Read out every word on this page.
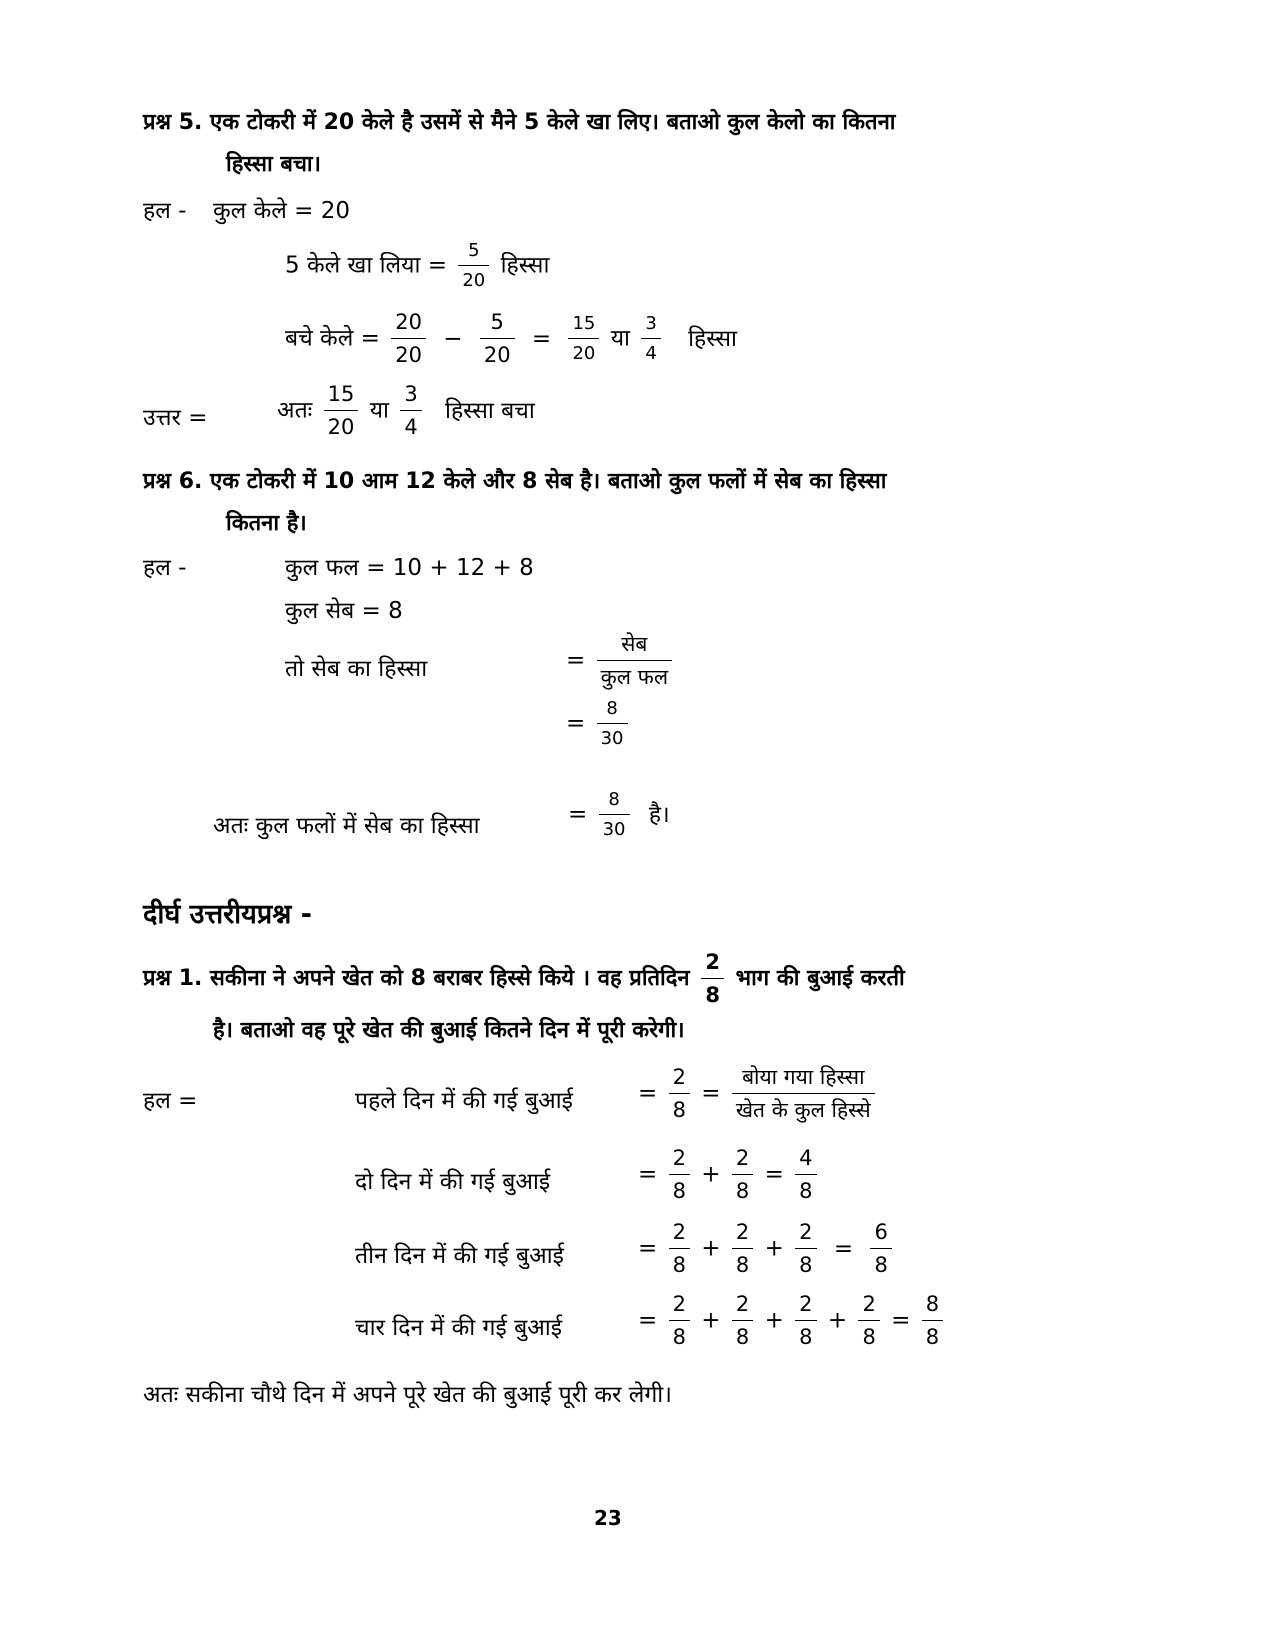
प्रश्न 5. एक टोकरी में 20 केले है उसमें से मैने 5 केले खा लिए। बताओ कुल केलो का कितना
हिस्सा बचा।
हल - कुल केले = 20
5 केले खा लिया = $\frac{5}{20}$ हिस्सा
बचे केले = $\frac{20}{20} - \frac{5}{20} = \frac{15}{20}$ या $\frac{3}{4}$ हिस्सा
उत्तर =	अतः $\frac{15}{20}$ या $\frac{3}{4}$ हिस्सा बचा
प्रश्न 6. एक टोकरी में 10 आम 12 केले और 8 सेब है। बताओ कुल फलों में सेब का हिस्सा
कितना है।
हल -	कुल फल = 10 + 12 + 8
कुल सेब = 8
तो सेब का हिस्सा	=
सेब
कुल फल
= $\frac{8}{30}$
अतः कुल फलों में सेब का हिस्सा	= $\frac{8}{30}$ है।
दीर्घ उत्तरीयप्रश्न -
प्रश्न 1. सकीना ने अपने खेत को 8 बराबर हिस्से किये । वह प्रतिदिन $\frac{2}{8}$ भाग की बुआई करती
है। बताओ वह पूरे खेत की बुआई कितने दिन में पूरी करेगी।
हल =	पहले दिन में की गई बुआई	= $\frac{2}{8}$ =
बोया गया हिस्सा
खेत के कुल हिस्से
दो दिन में की गई बुआई	= $\frac{2}{8} + \frac{2}{8} = \frac{4}{8}$
तीन दिन में की गई बुआई	= $\frac{2}{8} + \frac{2}{8} + \frac{2}{8} = \frac{6}{8}$
चार दिन में की गई बुआई	= $\frac{2}{8} + \frac{2}{8} + \frac{2}{8} + \frac{2}{8} = \frac{8}{8}$
अतः सकीना चौथे दिन में अपने पूरे खेत की बुआई पूरी कर लेगी।
23
